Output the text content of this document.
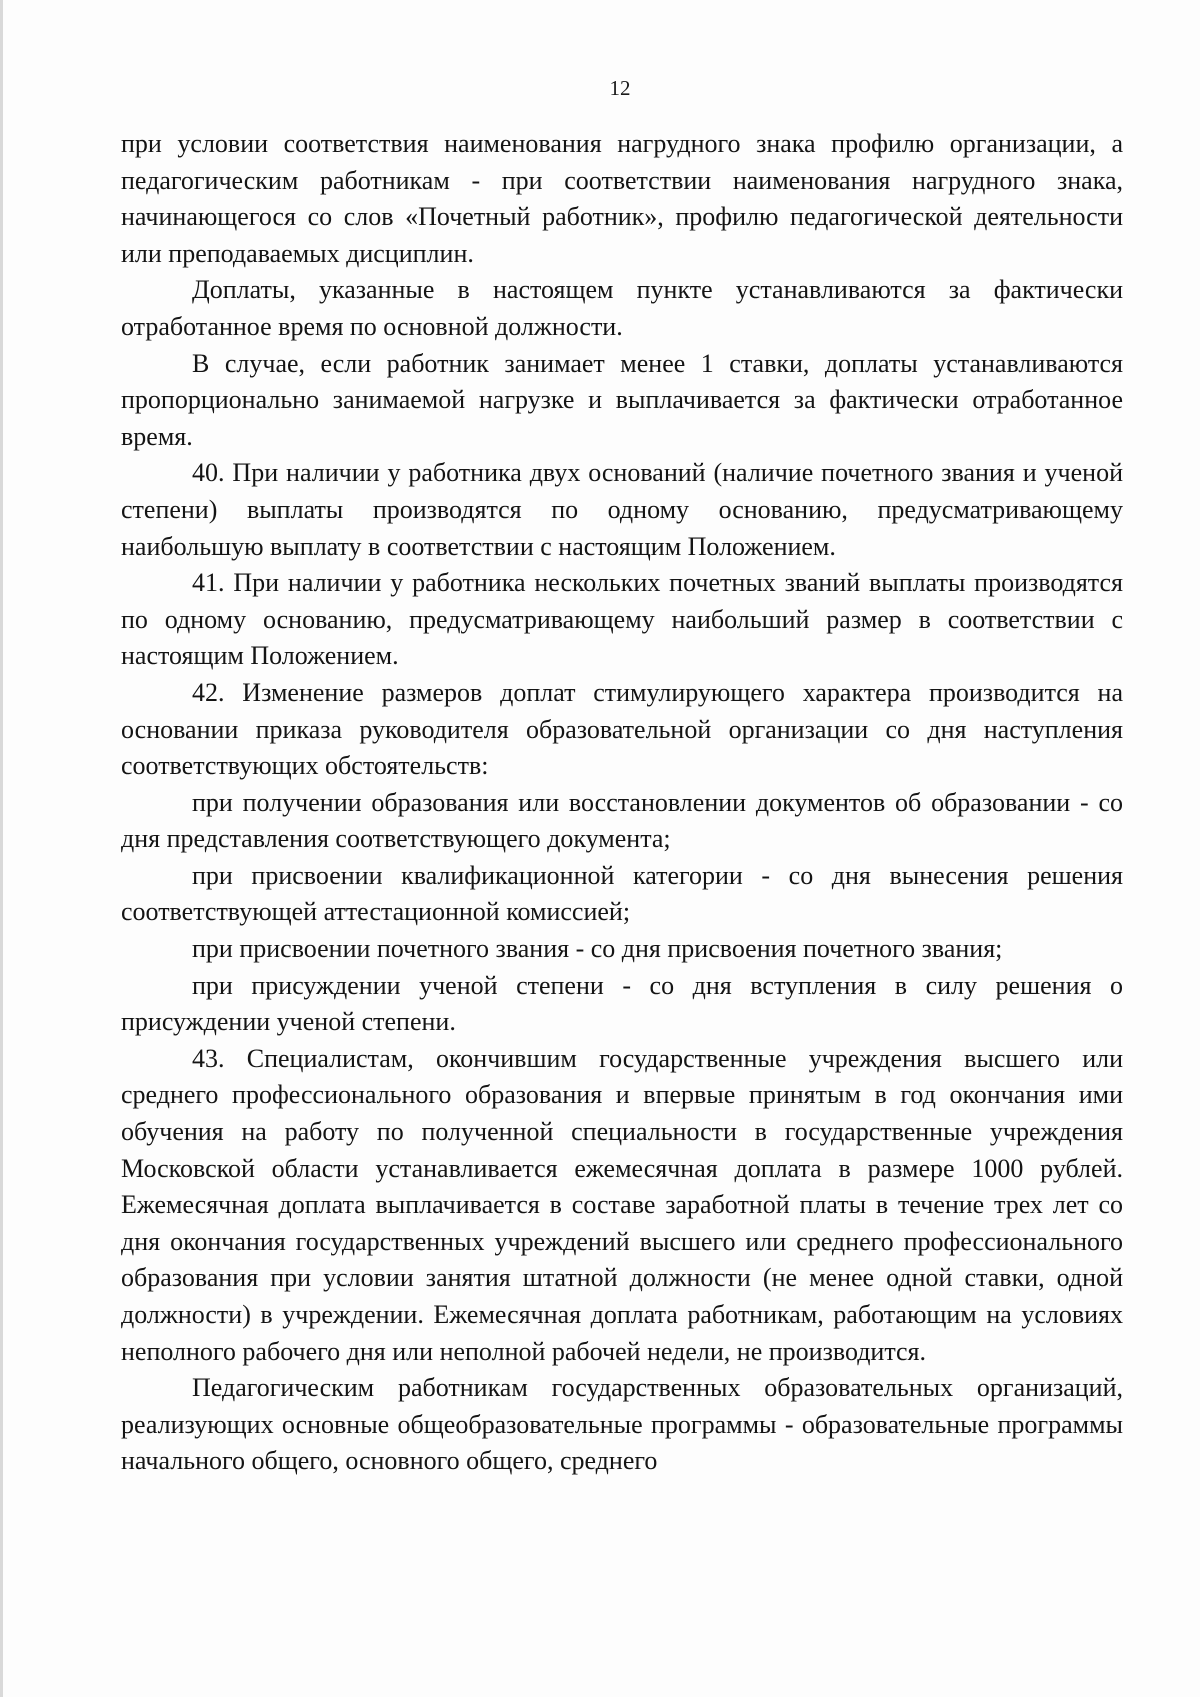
12

при условии соответствия наименования нагрудного знака профилю организации, а педагогическим работникам - при соответствии наименования нагрудного знака, начинающегося со слов «Почетный работник», профилю педагогической деятельности или преподаваемых дисциплин.

Доплаты, указанные в настоящем пункте устанавливаются за фактически отработанное время по основной должности.

В случае, если работник занимает менее 1 ставки, доплаты устанавливаются пропорционально занимаемой нагрузке и выплачивается за фактически отработанное время.

40. При наличии у работника двух оснований (наличие почетного звания и ученой степени) выплаты производятся по одному основанию, предусматривающему наибольшую выплату в соответствии с настоящим Положением.

41. При наличии у работника нескольких почетных званий выплаты производятся по одному основанию, предусматривающему наибольший размер в соответствии с настоящим Положением.

42. Изменение размеров доплат стимулирующего характера производится на основании приказа руководителя образовательной организации со дня наступления соответствующих обстоятельств:

при получении образования или восстановлении документов об образовании - со дня представления соответствующего документа;

при присвоении квалификационной категории - со дня вынесения решения соответствующей аттестационной комиссией;

при присвоении почетного звания - со дня присвоения почетного звания;

при присуждении ученой степени - со дня вступления в силу решения о присуждении ученой степени.

43. Специалистам, окончившим государственные учреждения высшего или среднего профессионального образования и впервые принятым в год окончания ими обучения на работу по полученной специальности в государственные учреждения Московской области устанавливается ежемесячная доплата в размере 1000 рублей. Ежемесячная доплата выплачивается в составе заработной платы в течение трех лет со дня окончания государственных учреждений высшего или среднего профессионального образования при условии занятия штатной должности (не менее одной ставки, одной должности) в учреждении. Ежемесячная доплата работникам, работающим на условиях неполного рабочего дня или неполной рабочей недели, не производится.

Педагогическим работникам государственных образовательных организаций, реализующих основные общеобразовательные программы - образовательные программы начального общего, основного общего, среднего
